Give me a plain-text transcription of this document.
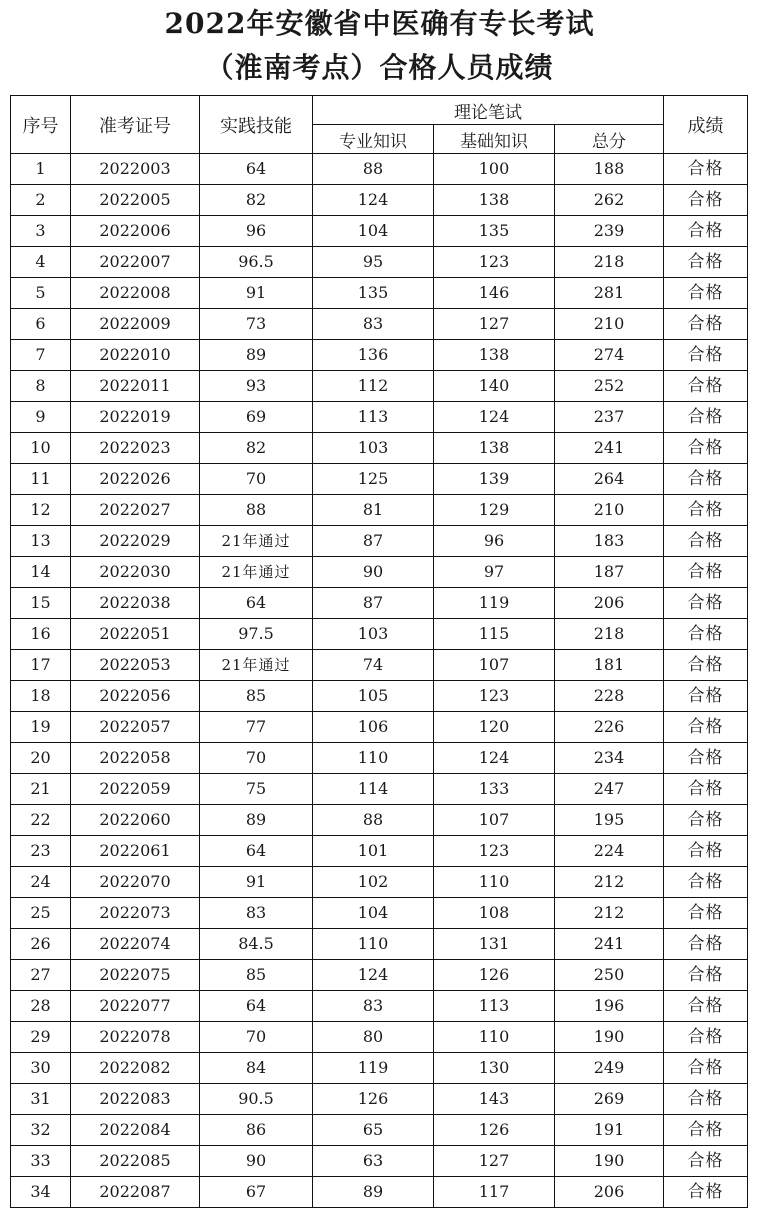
2022年安徽省中医确有专长考试
（淮南考点）合格人员成绩
序号	准考证号	实践技能	理论笔试			成绩
			专业知识	基础知识	总分	
1	2022003	64	88	100	188	合格
2	2022005	82	124	138	262	合格
3	2022006	96	104	135	239	合格
4	2022007	96.5	95	123	218	合格
5	2022008	91	135	146	281	合格
6	2022009	73	83	127	210	合格
7	2022010	89	136	138	274	合格
8	2022011	93	112	140	252	合格
9	2022019	69	113	124	237	合格
10	2022023	82	103	138	241	合格
11	2022026	70	125	139	264	合格
12	2022027	88	81	129	210	合格
13	2022029	21年通过	87	96	183	合格
14	2022030	21年通过	90	97	187	合格
15	2022038	64	87	119	206	合格
16	2022051	97.5	103	115	218	合格
17	2022053	21年通过	74	107	181	合格
18	2022056	85	105	123	228	合格
19	2022057	77	106	120	226	合格
20	2022058	70	110	124	234	合格
21	2022059	75	114	133	247	合格
22	2022060	89	88	107	195	合格
23	2022061	64	101	123	224	合格
24	2022070	91	102	110	212	合格
25	2022073	83	104	108	212	合格
26	2022074	84.5	110	131	241	合格
27	2022075	85	124	126	250	合格
28	2022077	64	83	113	196	合格
29	2022078	70	80	110	190	合格
30	2022082	84	119	130	249	合格
31	2022083	90.5	126	143	269	合格
32	2022084	86	65	126	191	合格
33	2022085	90	63	127	190	合格
34	2022087	67	89	117	206	合格
